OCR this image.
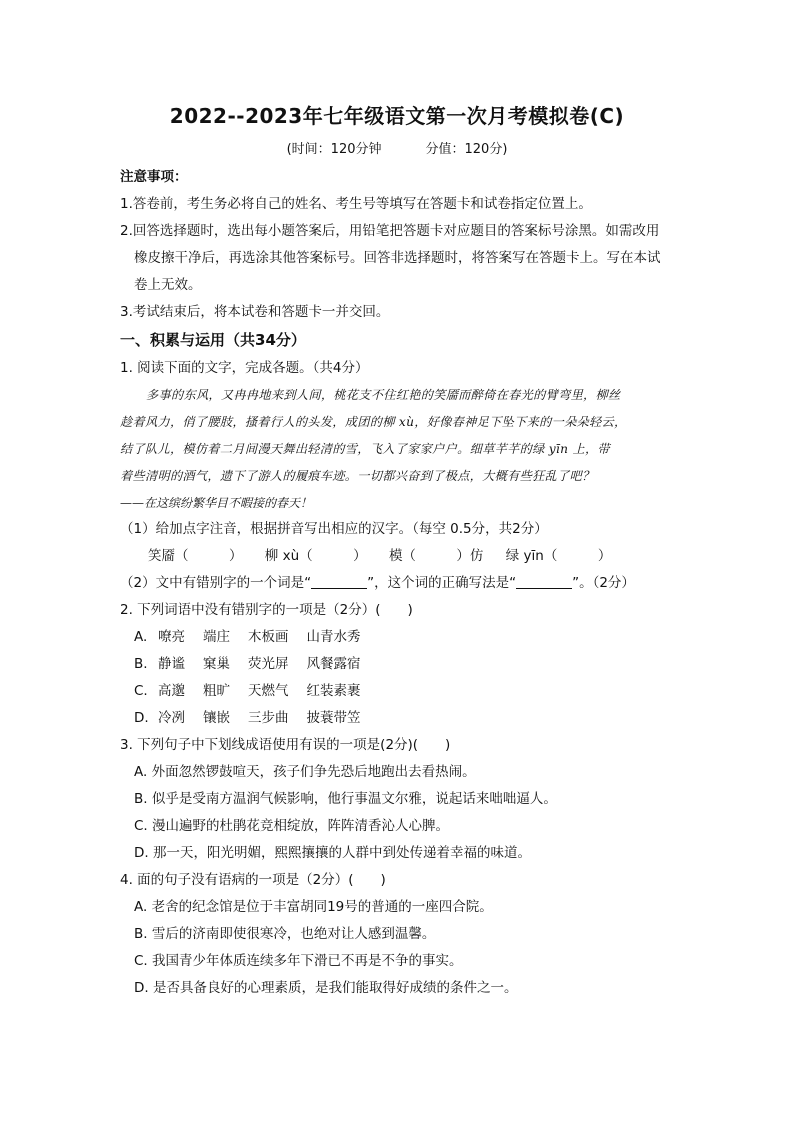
2022--2023年七年级语文第一次月考模拟卷(C)
(时间：120分钟	分值：120分)
注意事项：
1.答卷前，考生务必将自己的姓名、考生号等填写在答题卡和试卷指定位置上。
2.回答选择题时，选出每小题答案后，用铅笔把答题卡对应题目的答案标号涂黑。如需改用
橡皮擦干净后，再选涂其他答案标号。回答非选择题时，将答案写在答题卡上。写在本试
卷上无效。
3.考试结束后，将本试卷和答题卡一并交回。
一、积累与运用（共34分）
1. 阅读下面的文字，完成各题。（共4分）
多事的东风，又冉冉地来到人间，桃花支不住红艳的笑靥而醉倚在春光的臂弯里，柳丝
趁着风力，俏了腰肢，搔着行人的头发，成团的柳 xù，好像春神足下坠下来的一朵朵轻云，
结了队儿，模仿着二月间漫天舞出轻清的雪，飞入了家家户户。细草芊芊的绿 yīn 上，带
着些清明的酒气，遗下了游人的履痕车迹。一切都兴奋到了极点，大概有些狂乱了吧？
——在这缤纷繁华目不暇接的春天！
（1）给加点字注音，根据拼音写出相应的汉字。（每空 0.5分，共2分）
笑靥（　　　） 柳 xù（　　　） 模（　　　）仿 绿 yīn（　　　）
（2）文中有错别字的一个词是“	”，这个词的正确写法是“	”。（2分）
2. 下列词语中没有错别字的一项是（2分）(　　)
A. 嘹亮 端庄 木板画 山青水秀
B. 静谧 窠巢 荧光屏 风餐露宿
C. 高邈 粗旷 天燃气 红装素裹
D. 冷冽 镶嵌 三步曲 披蓑带笠
3. 下列句子中下划线成语使用有误的一项是(2分)(　　)
A. 外面忽然锣鼓喧天，孩子们争先恐后地跑出去看热闹。
B. 似乎是受南方温润气候影响，他行事温文尔雅，说起话来咄咄逼人。
C. 漫山遍野的杜鹃花竞相绽放，阵阵清香沁人心脾。
D. 那一天，阳光明媚，熙熙攘攘的人群中到处传递着幸福的味道。
4. 面的句子没有语病的一项是（2分）(　　)
A. 老舍的纪念馆是位于丰富胡同19号的普通的一座四合院。
B. 雪后的济南即使很寒冷，也绝对让人感到温馨。
C. 我国青少年体质连续多年下滑已不再是不争的事实。
D. 是否具备良好的心理素质，是我们能取得好成绩的条件之一。
